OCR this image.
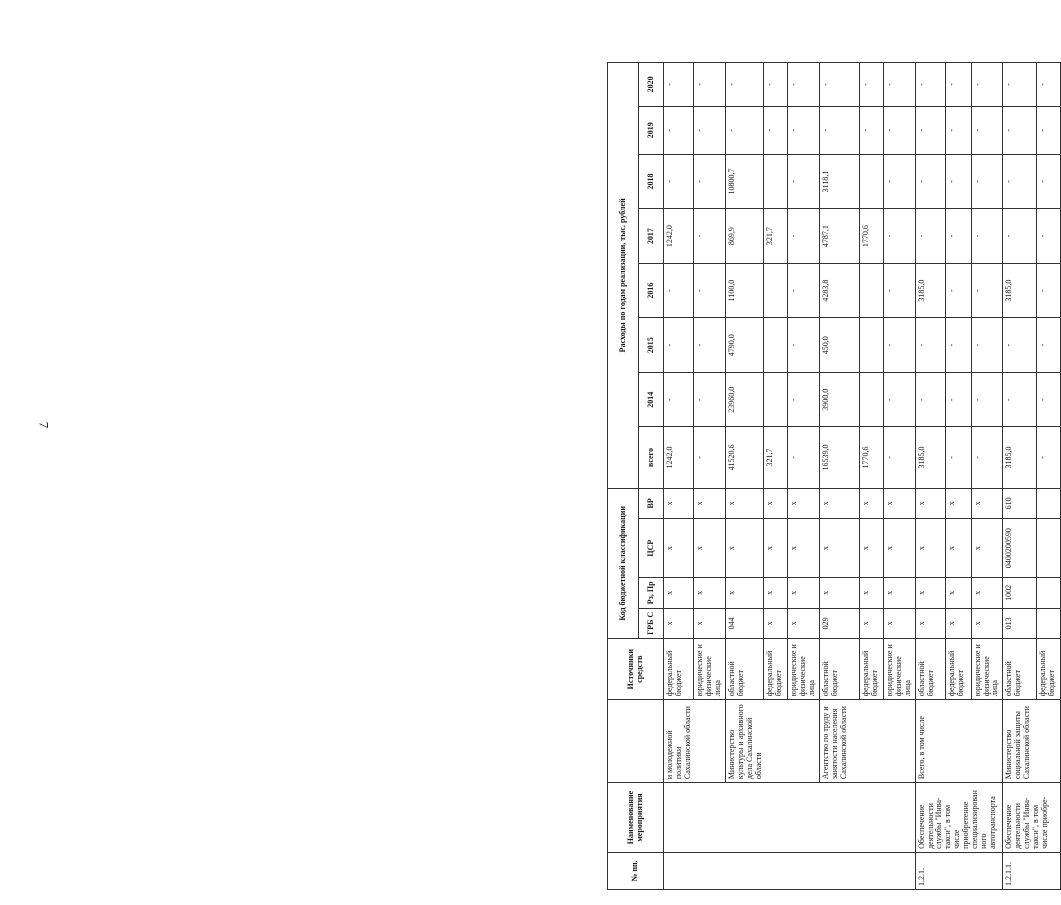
7
№ пп.	Наименование мероприятия		Источники средств	Код бюджетной классификации				Расходы по годам реализации, тыс. рублей							
				ГРБ С	Рз, Пр	ЦСР	ВР	всего	2014	2015	2016	2017	2018	2019	2020
		и молодежной политики Сахалинской области	федеральный бюджет	х	х	х	х	1242,0	-	-	-	1242,0	-	-	-
			юридические и физические лица	х	х	х	х	-	-	-	-	-	-	-	-
		Министерство культуры и архивного дела Сахалинской области	областной бюджет	044	х	х	х	41520,6	23960,0	4790,0	1100,0	869,9	10800,7	-	-
			федеральный бюджет	х	х	х	х	321,7				321,7		-	-
			юридические и физические лица	х	х	х	х	-	-	-	-	-	-	-	-
		Агентство по труду и занятости населения Сахалинской области	областной бюджет	029	х	х	х	16539,0	3900,0	450,0	4283,8	4787,1	3118,1	-	-
			федеральный бюджет	х	х	х	х	1770,6				1770,6		-	-
			юридические и физические лица	х	х	х	х	-	-	-	-	-	-	-	-
1.2.1.	Обеспечение деятельности службы "Инва-такси", в том числе приобретение специализированного автотранспорта	Всего, в том числе	областной бюджет	х	х	х	х	3185,0	-	-	3185,0	-	-	-	-
			федеральный бюджет	х	х	х	х	-	-	-	-	-	-	-	-
			юридические и физические лица	х	х	х	х	-	-	-	-	-	-	-	-
1.2.1.1.	Обеспечение деятельности службы "Инва-такси", в том числе приобре-	Министерство социальной защиты Сахалинской области	областной бюджет	013	1002	0400200590	610	3185,0	-	-	3185,0	-	-	-	-
			федеральный бюджет					-	-	-	-	-	-	-	-
